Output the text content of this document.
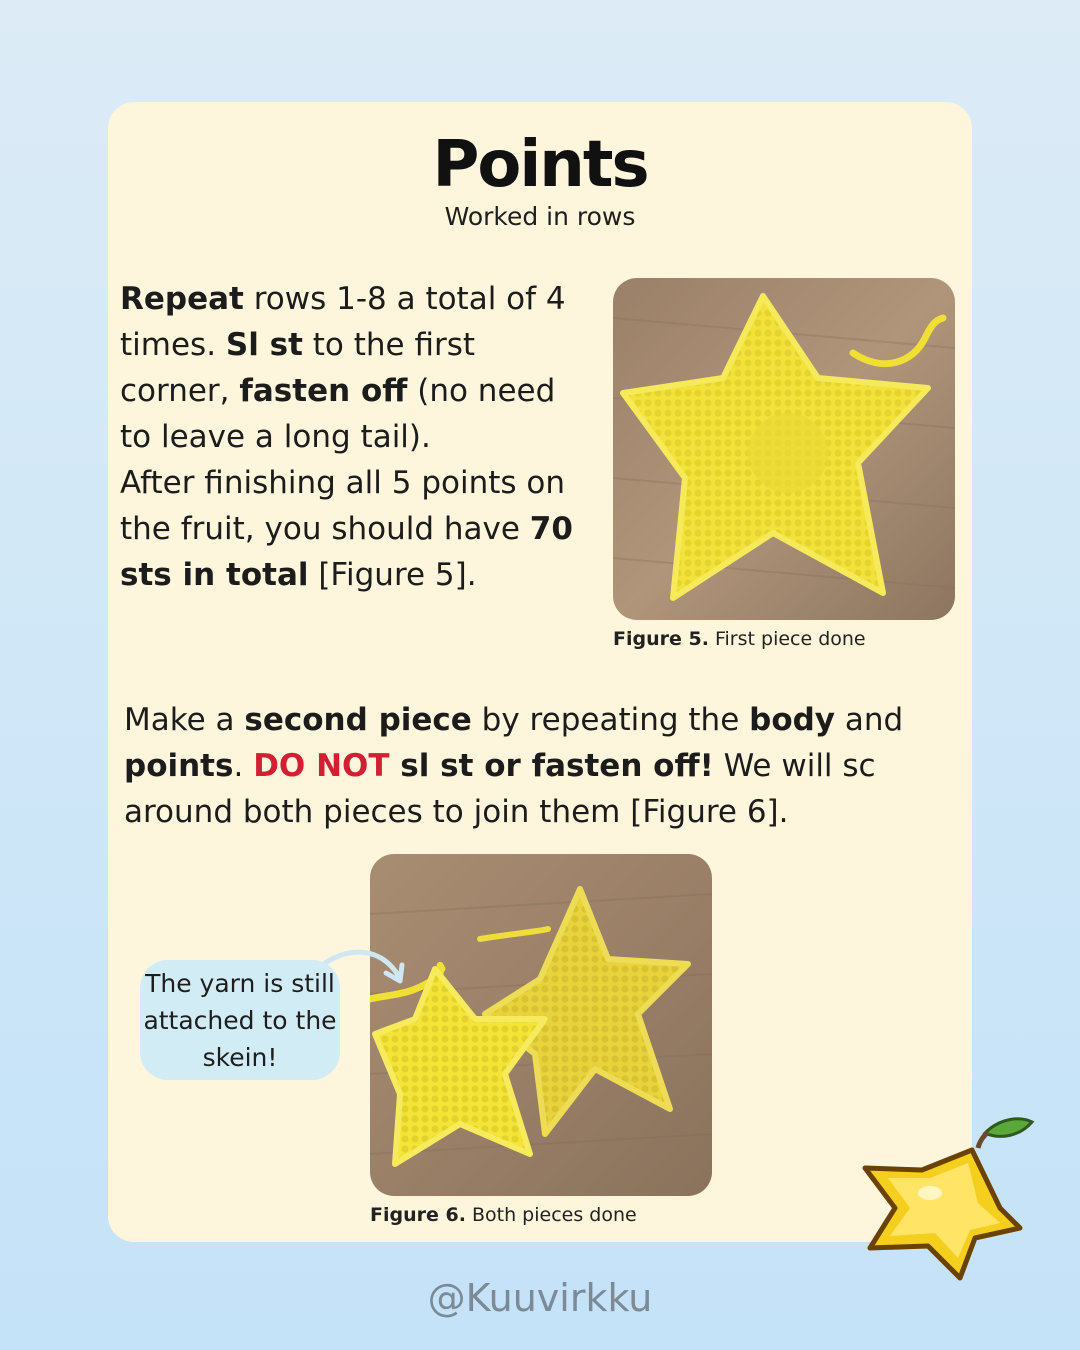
Points
Worked in rows
Repeat rows 1-8 a total of 4 times. Sl st to the first corner, fasten off (no need to leave a long tail).
After finishing all 5 points on the fruit, you should have 70 sts in total [Figure 5].
Figure 5. First piece done
Make a second piece by repeating the body and points. DO NOT sl st or fasten off! We will sc around both pieces to join them [Figure 6].
The yarn is still attached to the skein!
Figure 6. Both pieces done
@Kuuvirkku
